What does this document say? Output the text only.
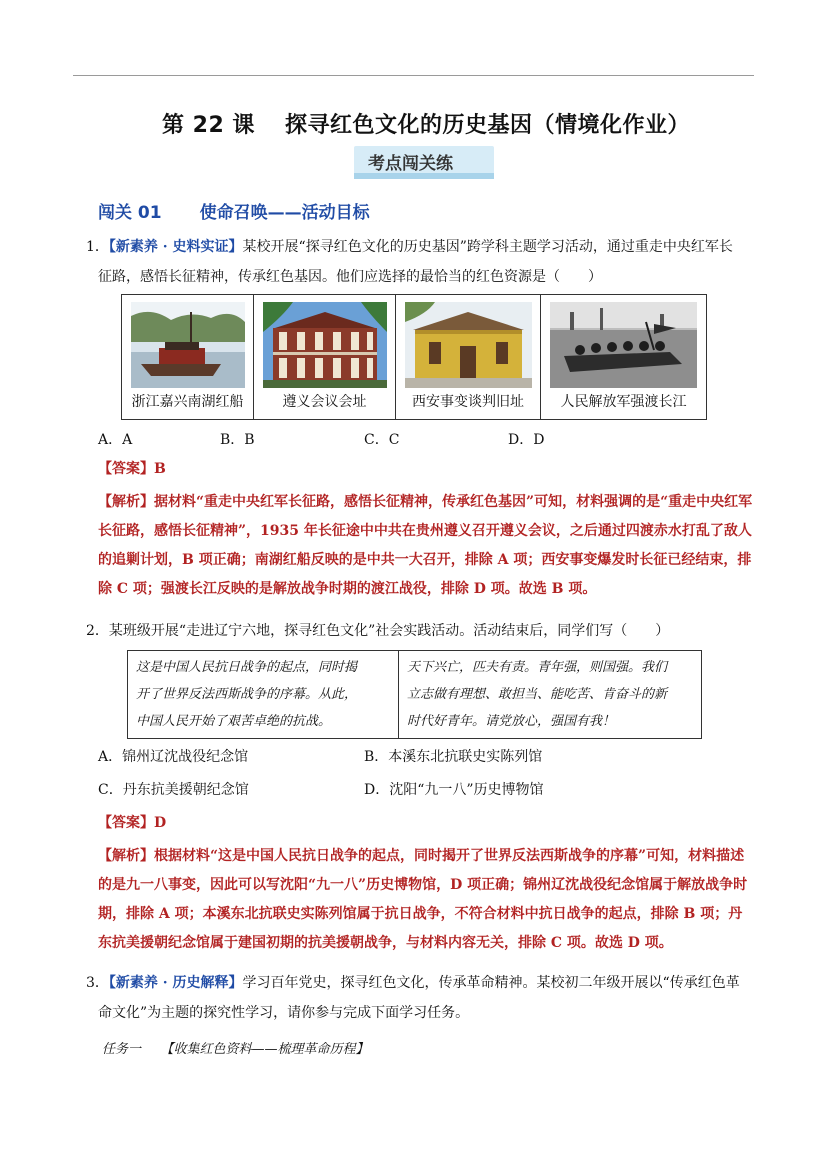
第 22 课 探寻红色文化的历史基因（情境化作业）
考点闯关练
闯关 01 使命召唤——活动目标
1．【新素养 · 史料实证】某校开展“探寻红色文化的历史基因”跨学科主题学习活动，通过重走中央红军长
征路，感悟长征精神，传承红色基因。他们应选择的最恰当的红色资源是（　　）
浙江嘉兴南湖红船	遵义会议会址	西安事变谈判旧址	人民解放军强渡长江
A．A	B．B	C．C	D．D
【答案】B
【解析】据材料“重走中央红军长征路，感悟长征精神，传承红色基因”可知，材料强调的是“重走中央红军长征路，感悟长征精神”，1935 年长征途中中共在贵州遵义召开遵义会议，之后通过四渡赤水打乱了敌人的追剿计划，B 项正确；南湖红船反映的是中共一大召开，排除 A 项；西安事变爆发时长征已经结束，排除 C 项；强渡长江反映的是解放战争时期的渡江战役，排除 D 项。故选 B 项。
2．某班级开展“走进辽宁六地，探寻红色文化”社会实践活动。活动结束后，同学们写（　　）
这是中国人民抗日战争的起点，同时揭
开了世界反法西斯战争的序幕。从此，
中国人民开始了艰苦卓绝的抗战。
天下兴亡，匹夫有责。青年强，则国强。我们
立志做有理想、敢担当、能吃苦、肯奋斗的新
时代好青年。请党放心，强国有我！
A．锦州辽沈战役纪念馆	B．本溪东北抗联史实陈列馆
C．丹东抗美援朝纪念馆	D．沈阳“九一八”历史博物馆
【答案】D
【解析】根据材料“这是中国人民抗日战争的起点，同时揭开了世界反法西斯战争的序幕”可知，材料描述的是九一八事变，因此可以写沈阳“九一八”历史博物馆，D 项正确；锦州辽沈战役纪念馆属于解放战争时期，排除 A 项；本溪东北抗联史实陈列馆属于抗日战争，不符合材料中抗日战争的起点，排除 B 项；丹东抗美援朝纪念馆属于建国初期的抗美援朝战争，与材料内容无关，排除 C 项。故选 D 项。
3．【新素养 · 历史解释】学习百年党史，探寻红色文化，传承革命精神。某校初二年级开展以“传承红色革
命文化”为主题的探究性学习，请你参与完成下面学习任务。
任务一　　【收集红色资料——梳理革命历程】
